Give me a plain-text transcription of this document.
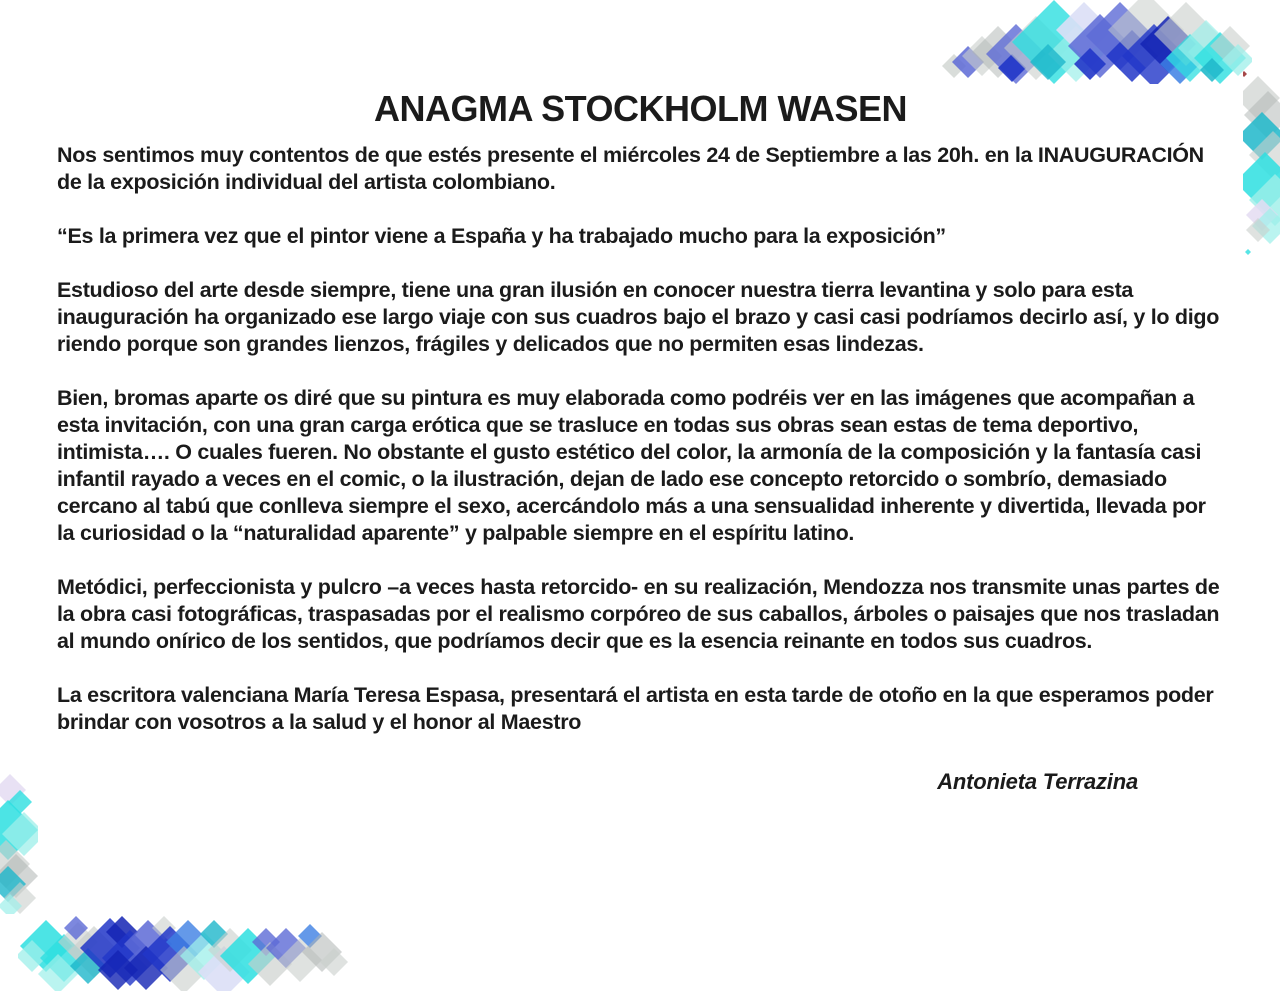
ANAGMA STOCKHOLM WASEN

Nos sentimos muy contentos de que estés presente el miércoles 24 de Septiembre a las 20h. en la INAUGURACIÓN de la exposición individual del artista colombiano.

“Es la primera vez que el pintor viene a España y ha trabajado mucho para la exposición”

Estudioso del arte desde siempre, tiene una gran ilusión en conocer nuestra tierra levantina y solo para esta inauguración ha organizado ese largo viaje con sus cuadros bajo el brazo y casi casi podríamos decirlo así, y lo digo riendo porque son grandes lienzos, frágiles y delicados que no permiten esas lindezas.

Bien, bromas aparte os diré que su pintura es muy elaborada como podréis ver en las imágenes que acompañan a esta invitación, con una gran carga erótica que se trasluce en todas sus obras sean estas de tema deportivo, intimista…. O cuales fueren. No obstante el gusto estético del color, la armonía de la composición y la fantasía casi infantil rayado a veces en el comic, o la ilustración, dejan de lado ese concepto retorcido o sombrío, demasiado cercano al tabú que conlleva siempre el sexo, acercándolo más a una sensualidad inherente y divertida, llevada por la curiosidad o la “naturalidad aparente” y palpable siempre en el espíritu latino.

Metódici, perfeccionista y pulcro –a veces hasta retorcido- en su realización, Mendozza nos transmite unas partes de la obra casi fotográficas, traspasadas por el realismo corpóreo de sus caballos, árboles o paisajes que nos trasladan al mundo onírico de los sentidos, que podríamos decir que es la esencia reinante en todos sus cuadros.

La escritora valenciana María Teresa Espasa, presentará el artista en esta tarde de otoño en la que esperamos poder brindar con vosotros a la salud y el honor al Maestro

Antonieta Terrazina
